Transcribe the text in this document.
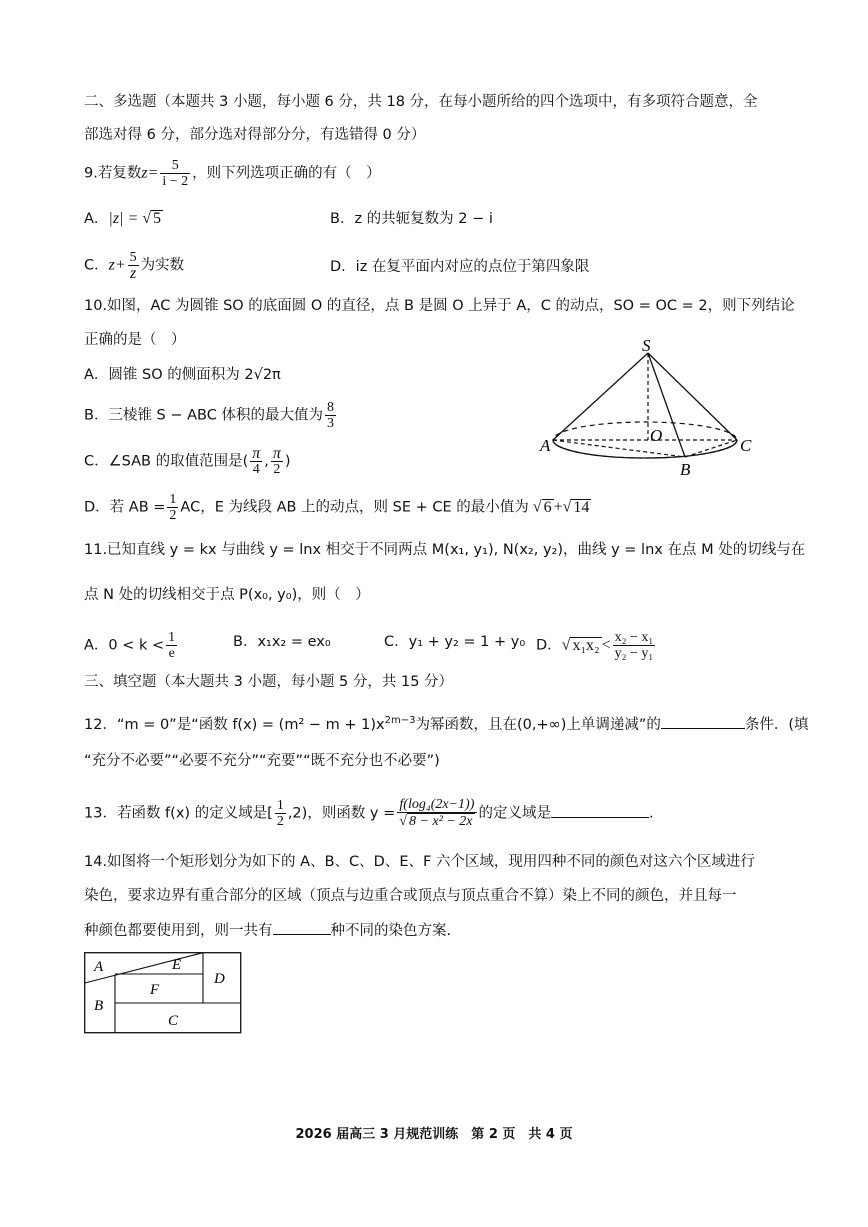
二、多选题（本题共 3 小题，每小题 6 分，共 18 分，在每小题所给的四个选项中，有多项符合题意，全
部选对得 6 分，部分选对得部分分，有选错得 0 分）
9.若复数$z= \frac{5}{i - 2}$ ，则下列选项正确的有（　）
A．|z| = √ 5	B．z 的共轭复数为 2 − i
C．$z+ \frac{5}{z}$ 为实数	D．iz 在复平面内对应的点位于第四象限
10.如图，AC 为圆锥 SO 的底面圆 O 的直径，点 B 是圆 O 上异于 A，C 的动点，SO = OC = 2，则下列结论
正确的是（　）
A．圆锥 SO 的侧面积为 2√2π
B．三棱锥 S − ABC 体积的最大值为 $\frac{8}{3}$
C．∠SAB 的取值范围是( $\frac{\pi}{4}$ , $\frac{\pi}{2}$ )
D．若 AB = $\frac{1}{2}$ AC，E 为线段 AB 上的动点，则 SE + CE 的最小值为 √ 6 +√ 14
S
O
A
B
C
11.已知直线 y = kx 与曲线 y = lnx 相交于不同两点 M(x₁, y₁), N(x₂, y₂)，曲线 y = lnx 在点 M 处的切线与在
点 N 处的切线相交于点 P(x₀, y₀)，则（　）
A．$0 < k < \frac{1}{e}$	B．x₁x₂ = ex₀	C．y₁ + y₂ = 1 + y₀ D．√ $x_1x_2 < \frac{\text{x₂ − x₁}}{\text{y₂ − y₁}}$
三、填空题（本大题共 3 小题，每小题 5 分，共 15 分）
12．“m = 0”是“函数 $f(x) = (m^2 - m + 1)x^{2m-3}$为幂函数，且在(0,+∞)上单调递减”的	条件．(填
“充分不必要”“必要不充分”“充要”“既不充分也不必要”)
13．若函数 f(x) 的定义域是[ $\frac{1}{2} ,2$)，则函数 $y = \frac{\text{f(log₄(2x−1))}}{\text{√ 8 − x² − 2x}}$ 的定义域是	.
14.如图将一个矩形划分为如下的 A、B、C、D、E、F 六个区域，现用四种不同的颜色对这六个区域进行
染色，要求边界有重合部分的区域（顶点与边重合或顶点与顶点重合不算）染上不同的颜色，并且每一
种颜色都要使用到，则一共有	种不同的染色方案.
A	E
D
F
B
C
2026 届高三 3 月规范训练　第 2 页　共 4 页
